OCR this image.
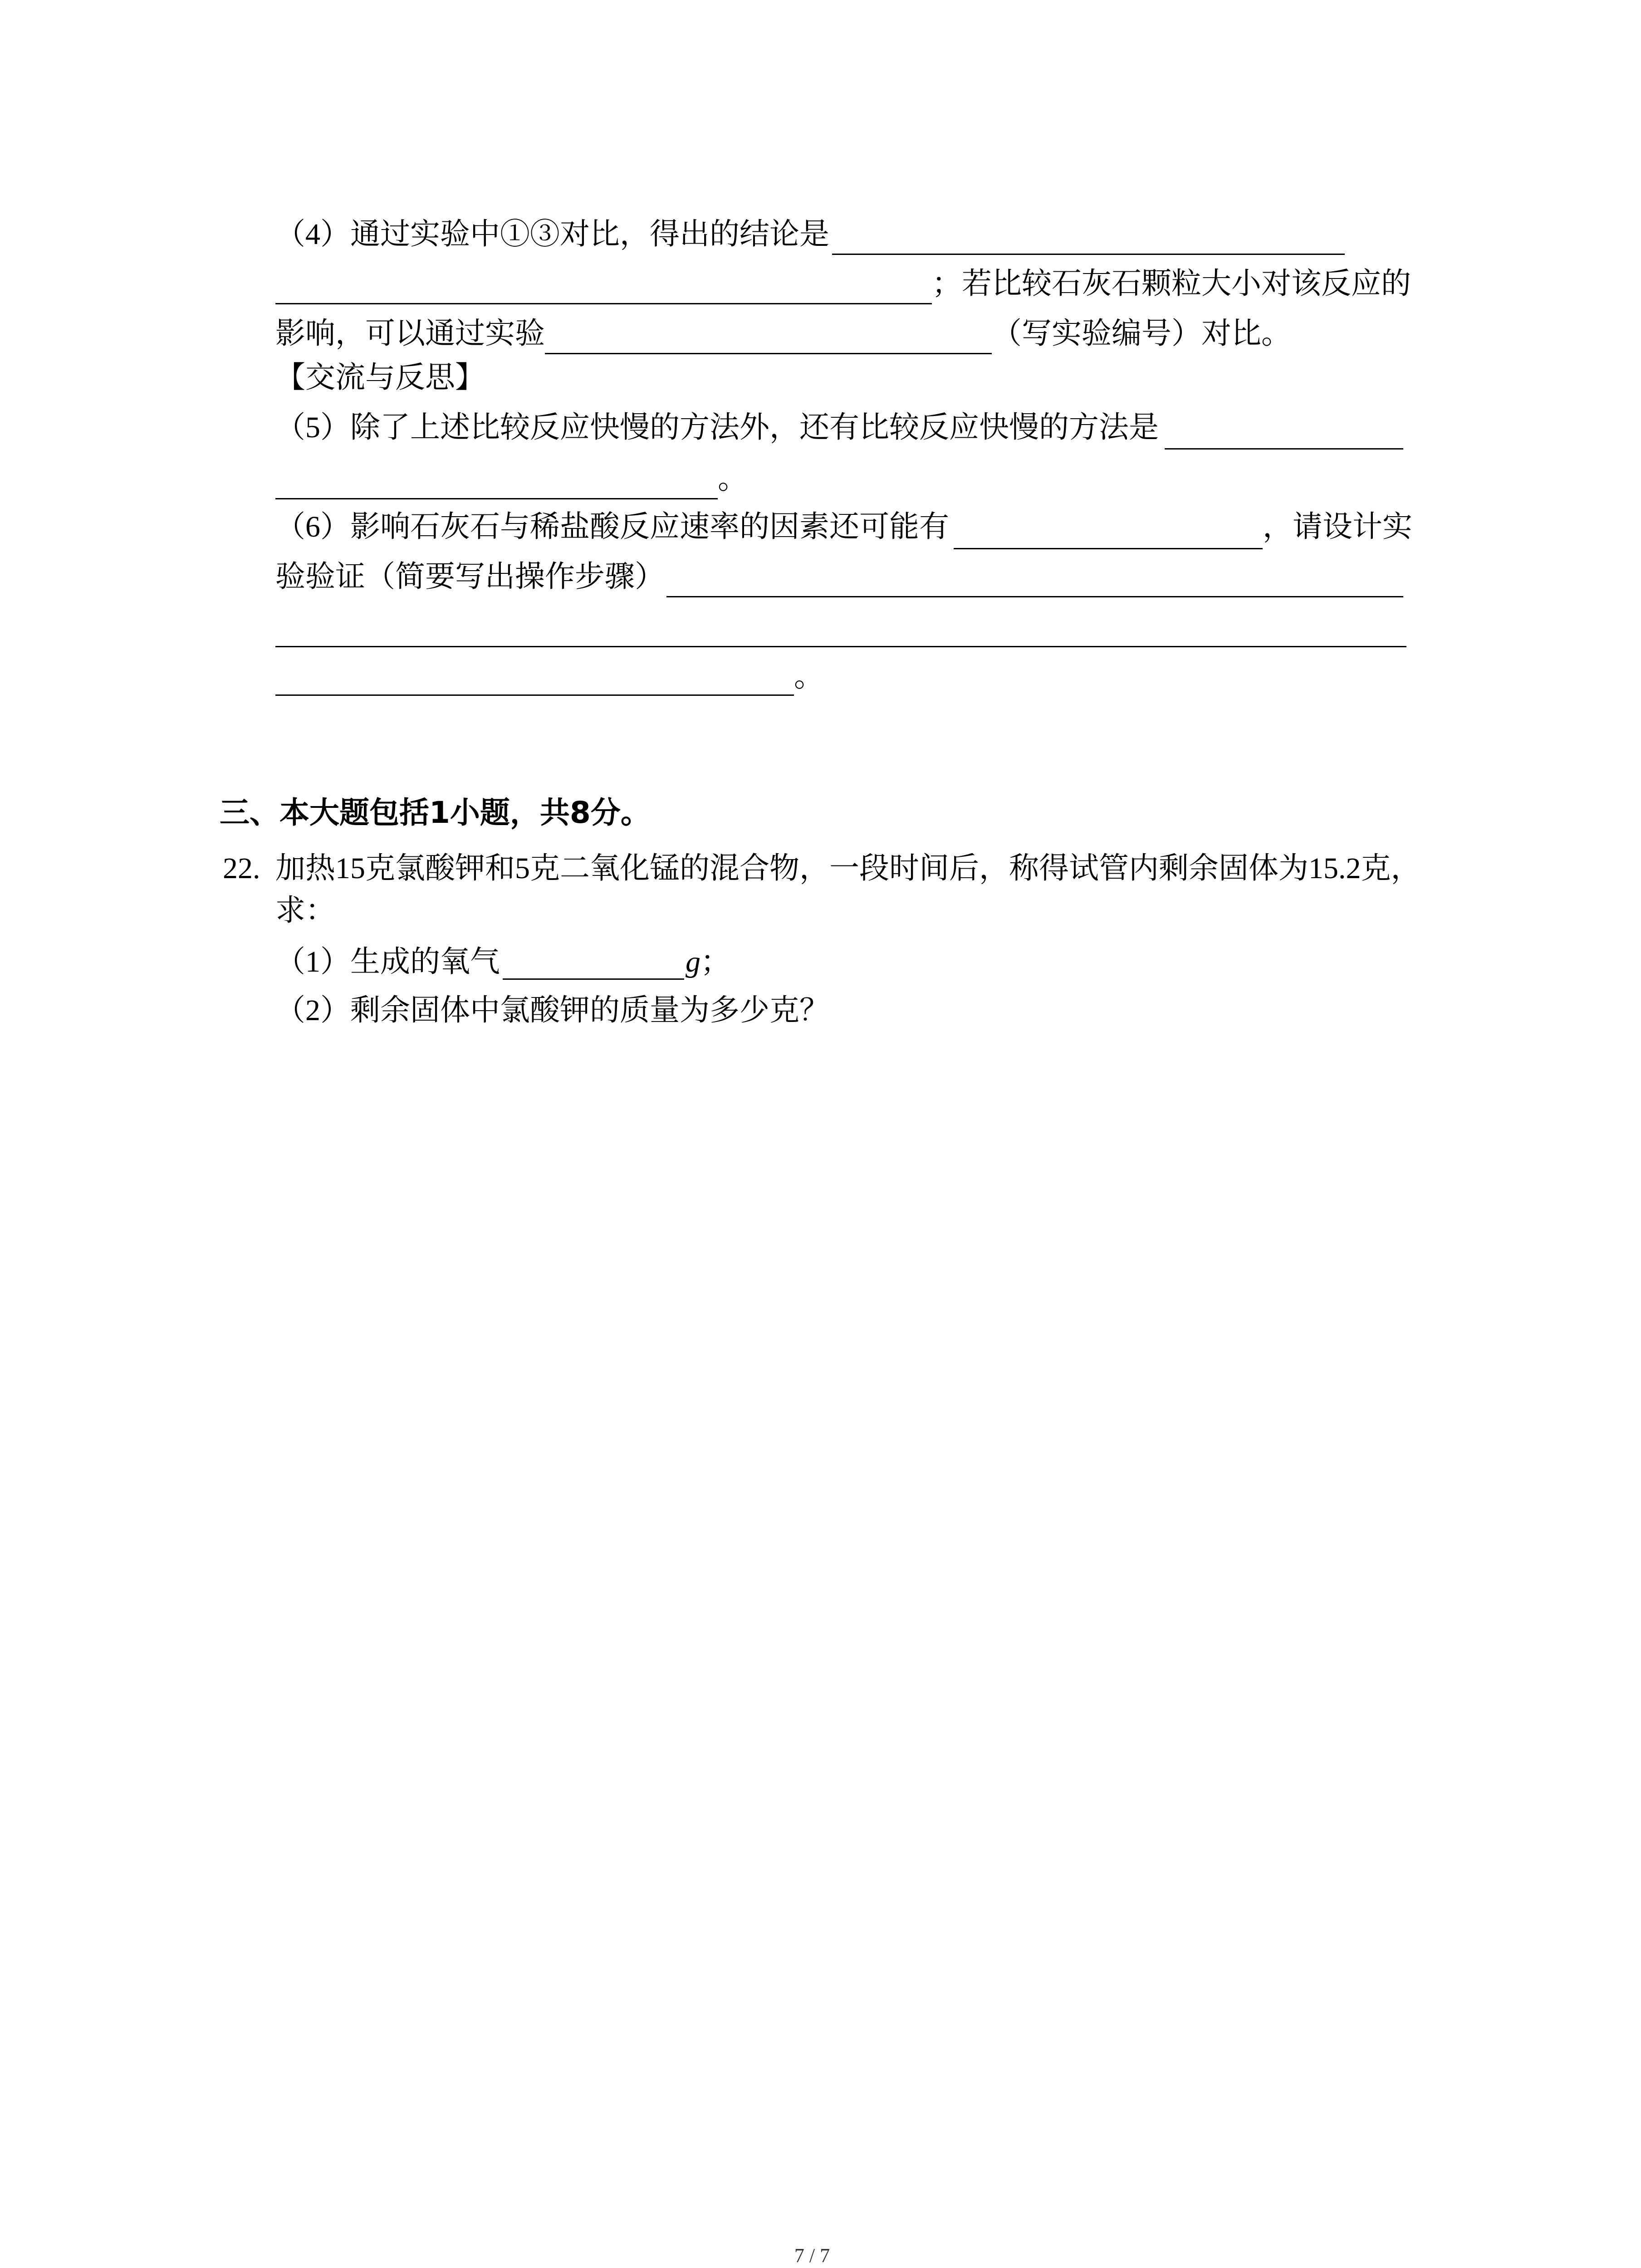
（4）通过实验中①③对比，得出的结论是
；若比较石灰石颗粒大小对该反应的
影响，可以通过实验	（写实验编号）对比。
【交流与反思】
（5）除了上述比较反应快慢的方法外，还有比较反应快慢的方法是
。
（6）影响石灰石与稀盐酸反应速率的因素还可能有	，请设计实
验验证（简要写出操作步骤）
。
三、本大题包括1小题，共8分。
22. 加热15克氯酸钾和5克二氧化锰的混合物，一段时间后，称得试管内剩余固体为15.2克，
求：
（1）生成的氧气	g；
（2）剩余固体中氯酸钾的质量为多少克？
7 / 7
